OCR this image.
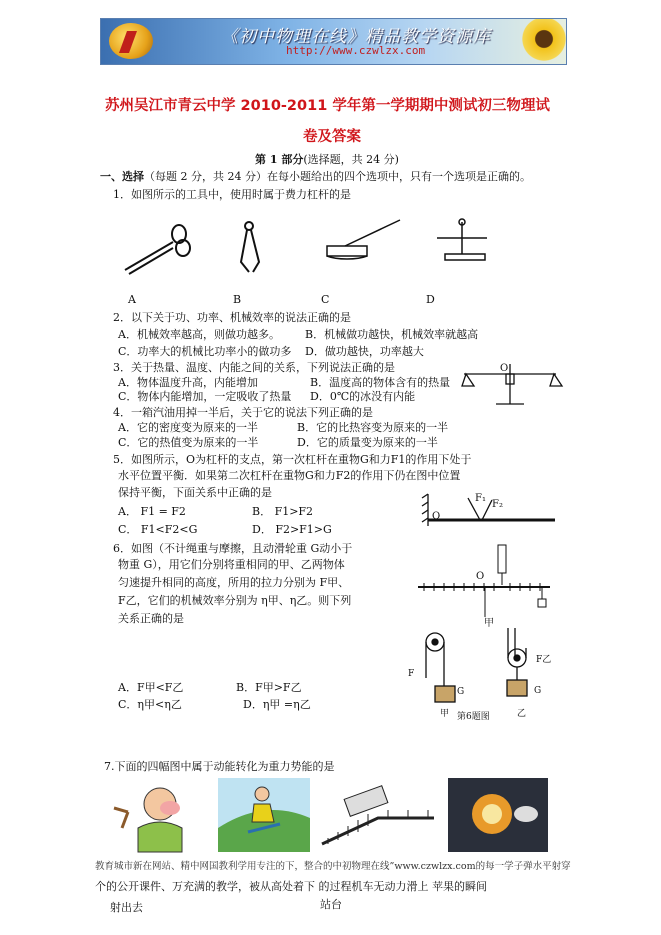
《初中物理在线》精品教学资源库
http://www.czwlzx.com
苏州吴江市青云中学 2010-2011 学年第一学期期中测试初三物理试
卷及答案
第 1 部分(选择题，共 24 分)
一、选择（每题 2 分，共 24 分）在每小题给出的四个选项中，只有一个选项是正确的。
1．如图所示的工具中，使用时属于费力杠杆的是
A	B	C	D
2．以下关于功、功率、机械效率的说法正确的是
A．机械效率越高，则做功越多。 B．机械做功越快，机械效率就越高
C．功率大的机械比功率小的做功多 D．做功越快，功率越大
3．关于热量、温度、内能之间的关系，下列说法正确的是
A．物体温度升高，内能增加	B．温度高的物体含有的热量
C．物体内能增加，一定吸收了热量 D．0℃的冰没有内能
O
4．一箱汽油用掉一半后，关于它的说法下列正确的是
A．它的密度变为原来的一半	B．它的比热容变为原来的一半
C．它的热值变为原来的一半	D．它的质量变为原来的一半
5．如图所示，O为杠杆的支点，第一次杠杆在重物G和力F1的作用下处于
水平位置平衡．如果第二次杠杆在重物G和力F2的作用下仍在图中位置
保持平衡，下面关系中正确的是
A． F1 = F2	B． F1>F2
C． F1<F2<G	D． F2>F1>G
O
F₁
F₂
6．如图（不计绳重与摩擦，且动滑轮重 G动小于
物重 G），用它们分别将重相同的甲、乙两物体
匀速提升相同的高度，所用的拉力分别为 F甲、
F乙，它们的机械效率分别为 η甲、η乙。则下列
关系正确的是
A．F甲<F乙	B．F甲>F乙
C．η甲<η乙	D．η甲 =η乙
O
甲
F
G
F乙
G
甲 第6题图	乙
7.下面的四幅图中属于动能转化为重力势能的是
教育城市新在网站、精中网国教利学用专注的下，整合的中初物理在线”www.czwlzx.com的每一学子弹水平射穿
个的公开课件、万充满的教学，被从高处着下 的过程机车无动力滑上 苹果的瞬间
射出去	站台
